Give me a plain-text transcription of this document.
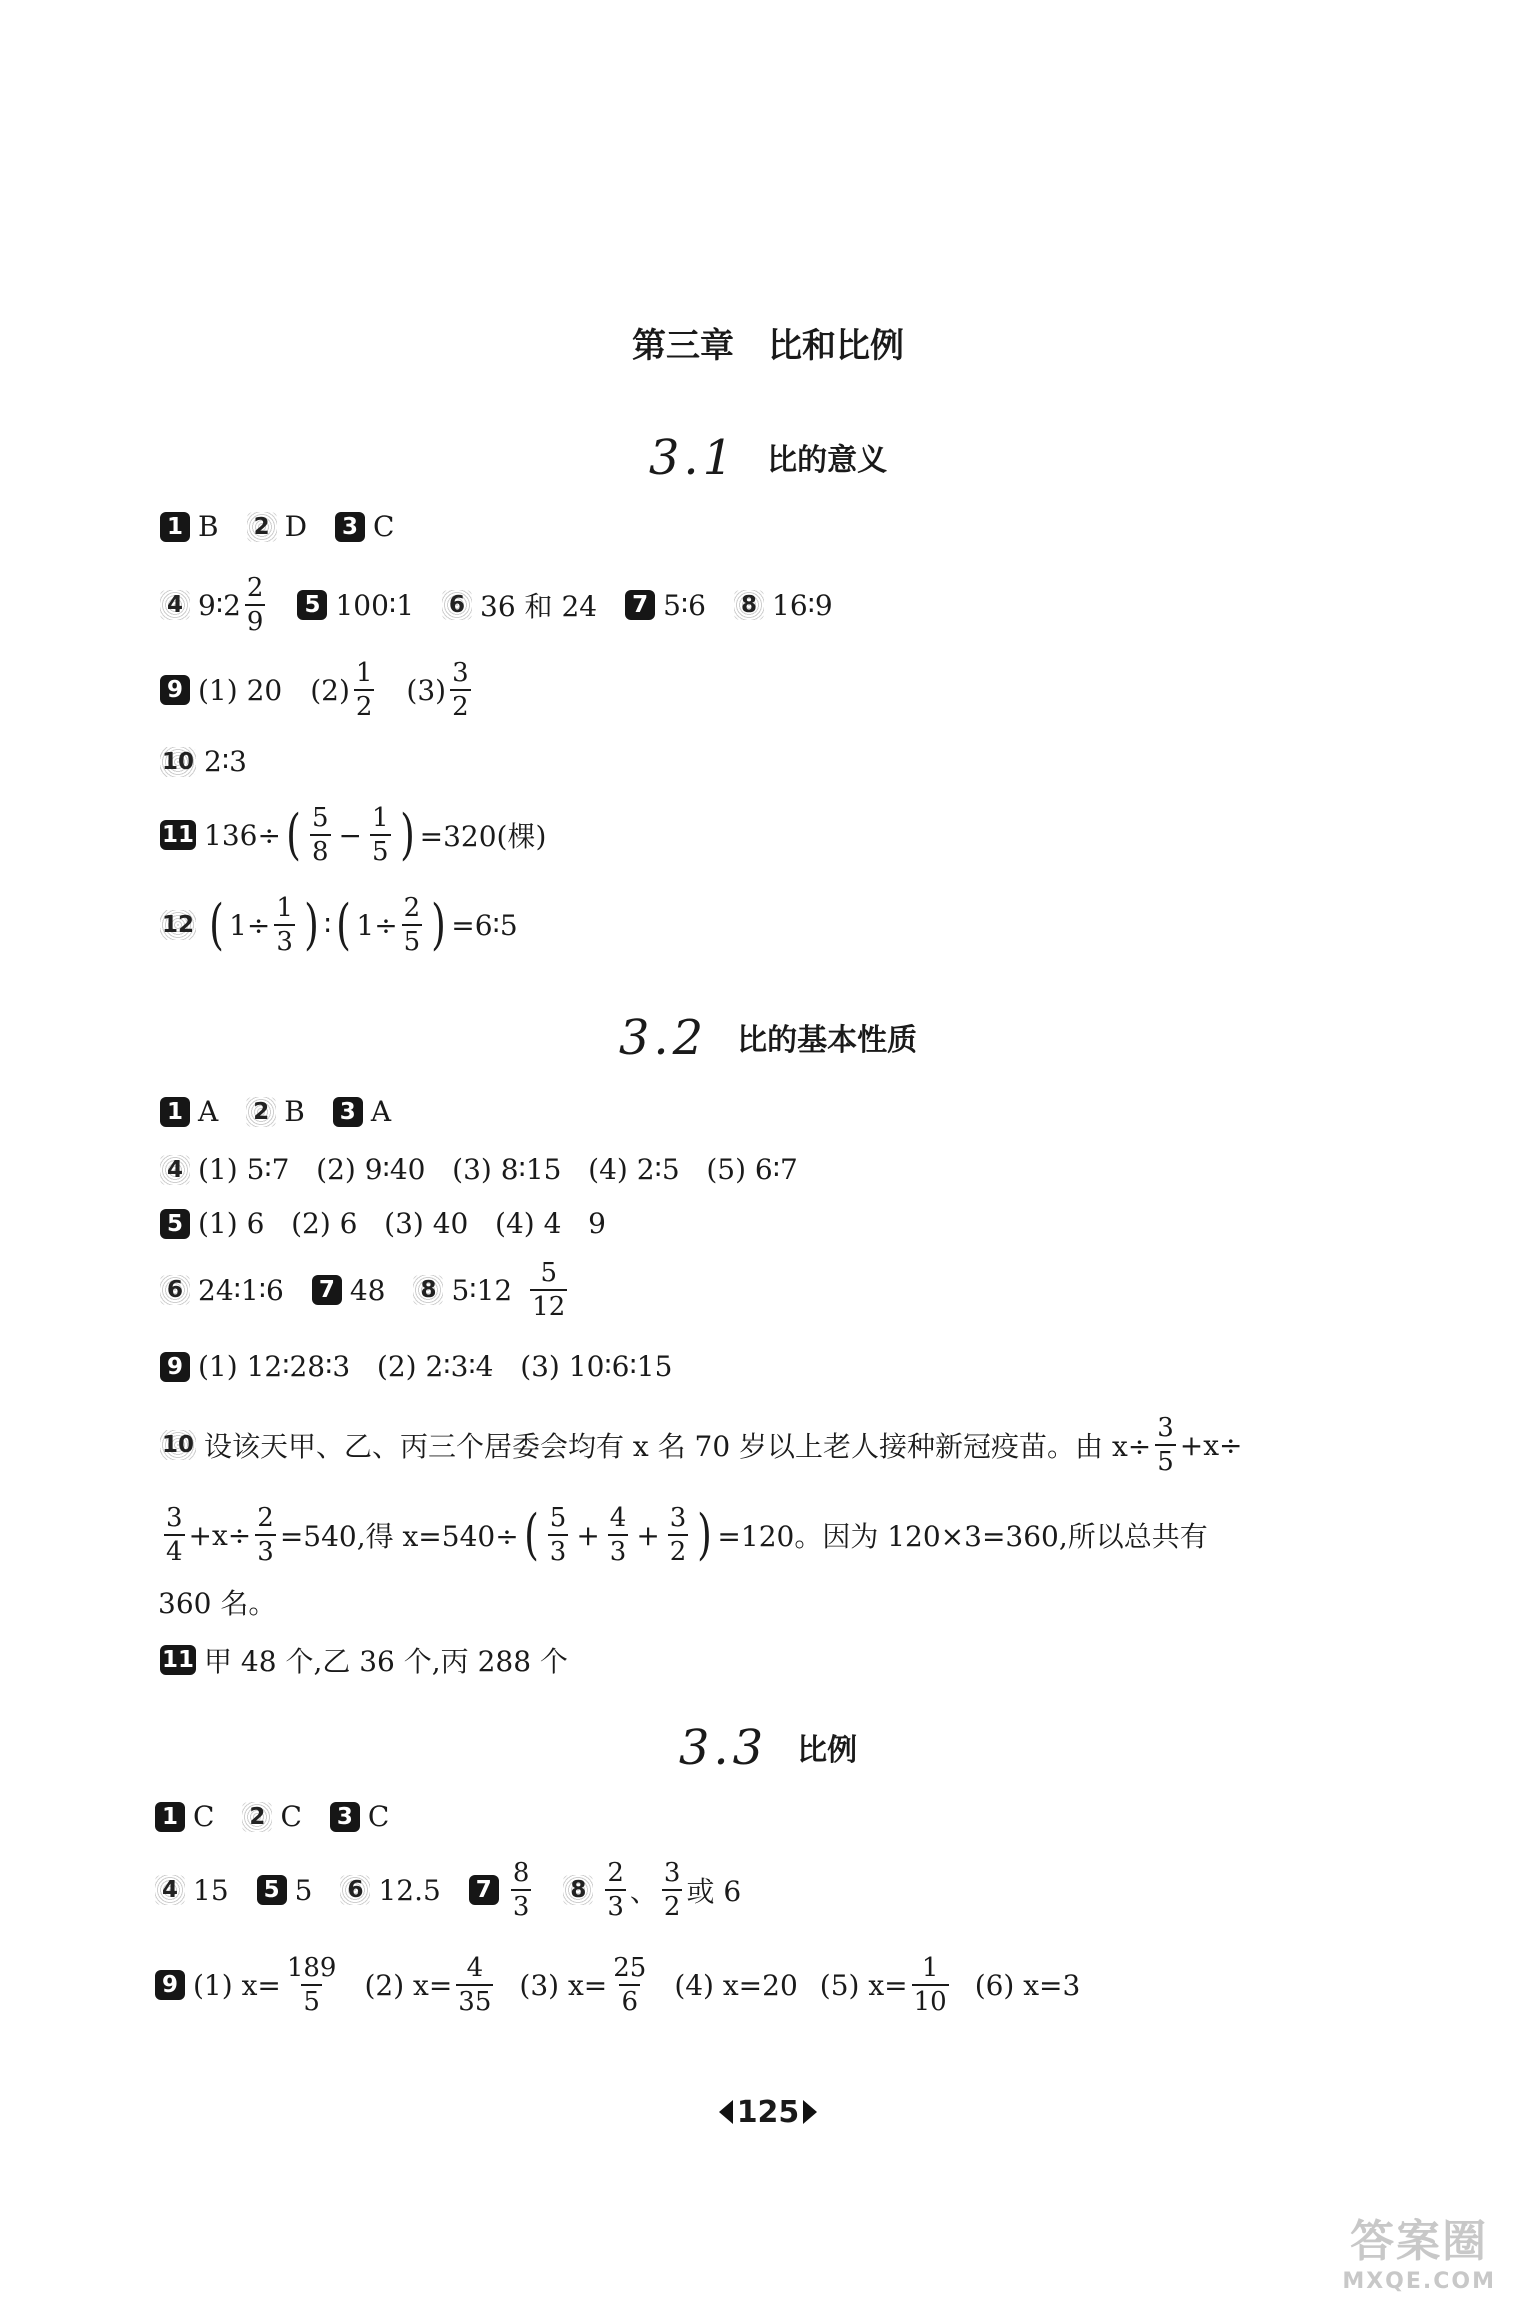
第三章 比和比例
3.1 比的意义
1 B	2 D	3 C
4 9∶2 $\frac{2}{9}$	5 100∶1	6 36 和 24	7 5∶6	8 16∶9
9 (1) 20 $(2) \frac{1}{2} (3) \frac{3}{2}$
10 2∶3
11 136÷ ( $\frac{5}{8} - \frac{1}{5}$ ) =320(棵)
12 ( $1\div \frac{1}{3}$ ) ∶ ( $1\div \frac{2}{5}$ ) =6∶5
3.2 比的基本性质
1 A	2 B	3 A
4 (1) 5∶7   (2) 9∶40   (3) 8∶15   (4) 2∶5   (5) 6∶7
5 (1) 6   (2) 6   (3) 40   (4) 4   9
6 24∶1∶6	7 48	8 5∶12 $\frac{5}{12}$
9 (1) 12∶28∶3   (2) 2∶3∶4   (3) 10∶6∶15
10 设该天甲、乙、丙三个居委会均有 x 名 70 岁以上老人接种新冠疫苗。由 $x\div \frac{3}{5} +x\div$
$\frac{3}{4} +x\div \frac{2}{3} =540$,得 x=540÷ ( $\frac{5}{3} + \frac{4}{3} + \frac{3}{2}$ ) =120。因为 120×3=360,所以总共有
360 名。
11 甲 48 个,乙 36 个,丙 288 个
3.3 比例
1 C	2 C	3 C
4 15	5 5	6 12.5	$7 \frac{8}{3}$	$8 \frac{2}{3}$ 、 $\frac{3}{2}$ 或 6
9 (1) $x= \frac{189}{5} (2)$ $x= \frac{4}{35} (3)$ $x= \frac{25}{6} (4)$ x=20 (5) $x= \frac{1}{10} (6)$ x=3
125
答案圈
MXQE.COM
